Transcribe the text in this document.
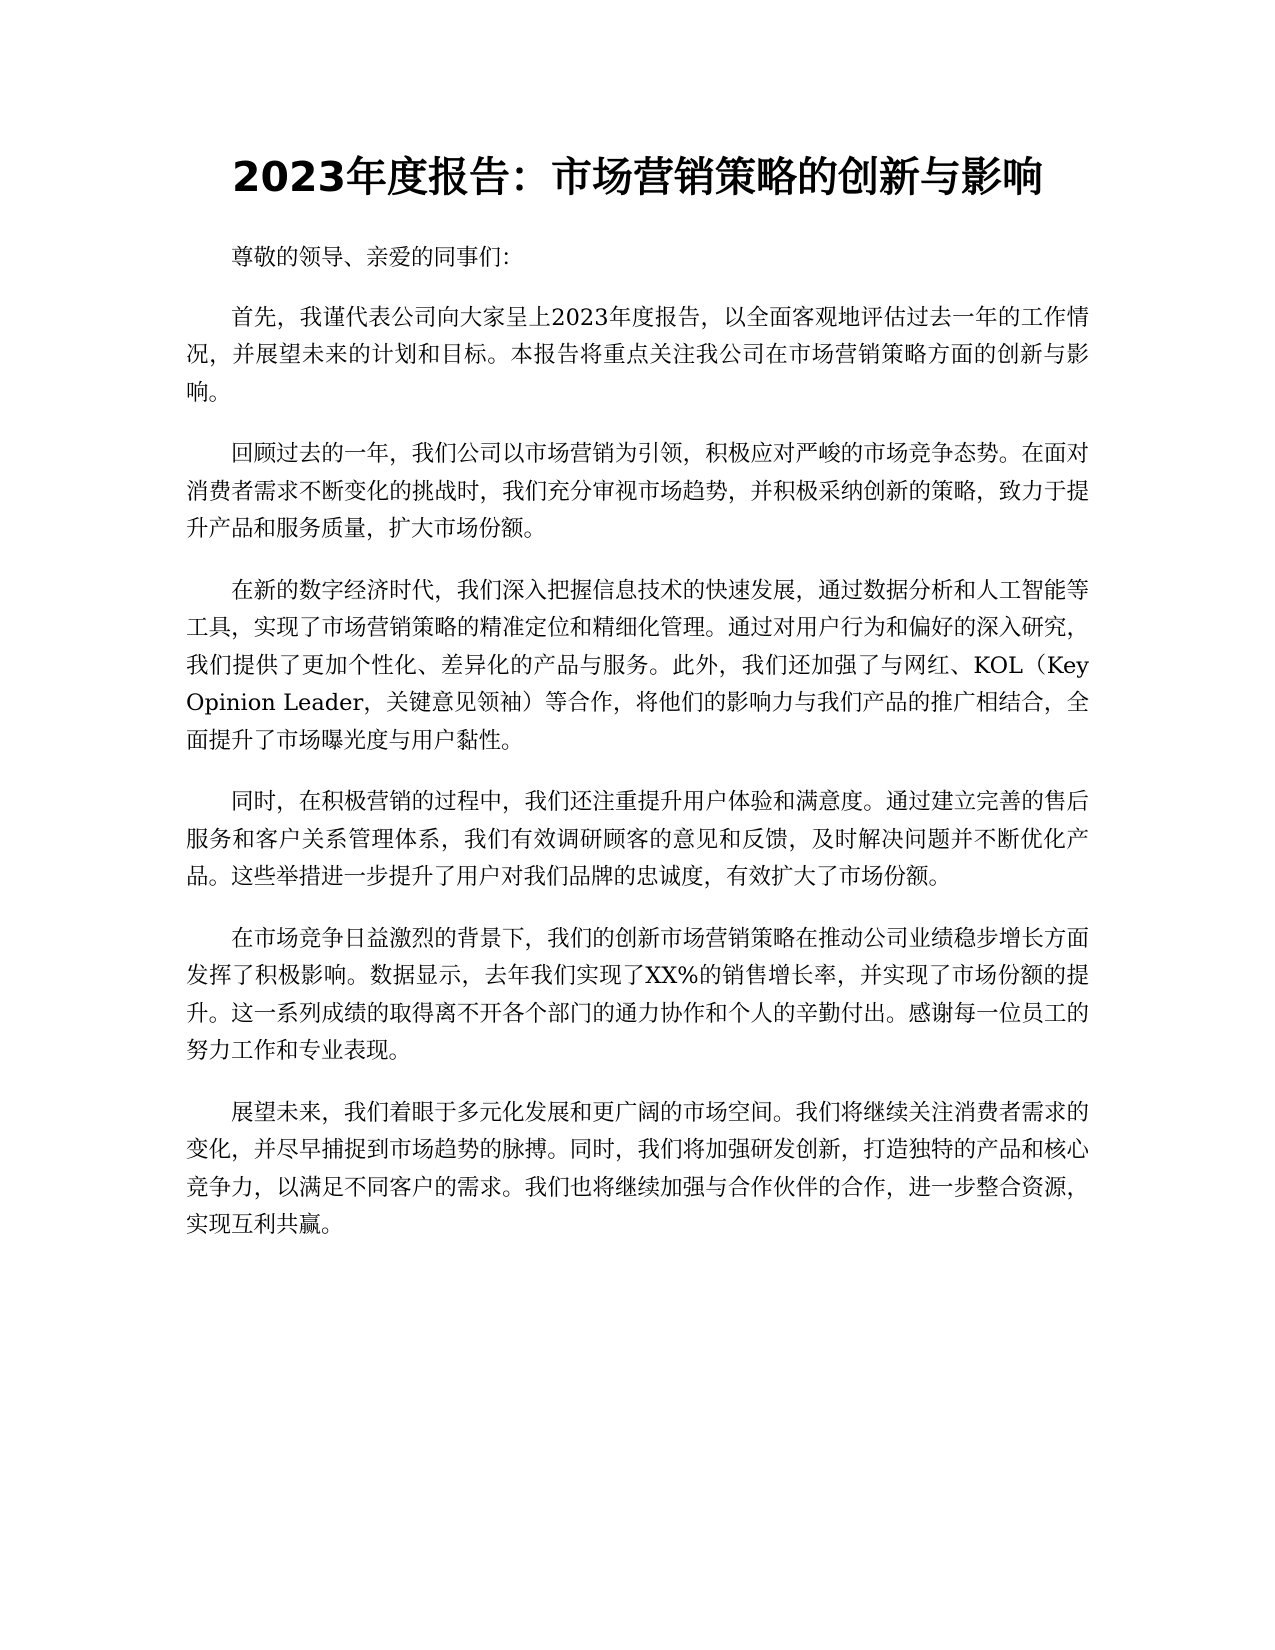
2023年度报告：市场营销策略的创新与影响

尊敬的领导、亲爱的同事们：

首先，我谨代表公司向大家呈上2023年度报告，以全面客观地评估过去一年的工作情况，并展望未来的计划和目标。本报告将重点关注我公司在市场营销策略方面的创新与影响。

回顾过去的一年，我们公司以市场营销为引领，积极应对严峻的市场竞争态势。在面对消费者需求不断变化的挑战时，我们充分审视市场趋势，并积极采纳创新的策略，致力于提升产品和服务质量，扩大市场份额。

在新的数字经济时代，我们深入把握信息技术的快速发展，通过数据分析和人工智能等工具，实现了市场营销策略的精准定位和精细化管理。通过对用户行为和偏好的深入研究，我们提供了更加个性化、差异化的产品与服务。此外，我们还加强了与网红、KOL（Key Opinion Leader，关键意见领袖）等合作，将他们的影响力与我们产品的推广相结合，全面提升了市场曝光度与用户黏性。

同时，在积极营销的过程中，我们还注重提升用户体验和满意度。通过建立完善的售后服务和客户关系管理体系，我们有效调研顾客的意见和反馈，及时解决问题并不断优化产品。这些举措进一步提升了用户对我们品牌的忠诚度，有效扩大了市场份额。

在市场竞争日益激烈的背景下，我们的创新市场营销策略在推动公司业绩稳步增长方面发挥了积极影响。数据显示，去年我们实现了XX%的销售增长率，并实现了市场份额的提升。这一系列成绩的取得离不开各个部门的通力协作和个人的辛勤付出。感谢每一位员工的努力工作和专业表现。

展望未来，我们着眼于多元化发展和更广阔的市场空间。我们将继续关注消费者需求的变化，并尽早捕捉到市场趋势的脉搏。同时，我们将加强研发创新，打造独特的产品和核心竞争力，以满足不同客户的需求。我们也将继续加强与合作伙伴的合作，进一步整合资源，实现互利共赢。
